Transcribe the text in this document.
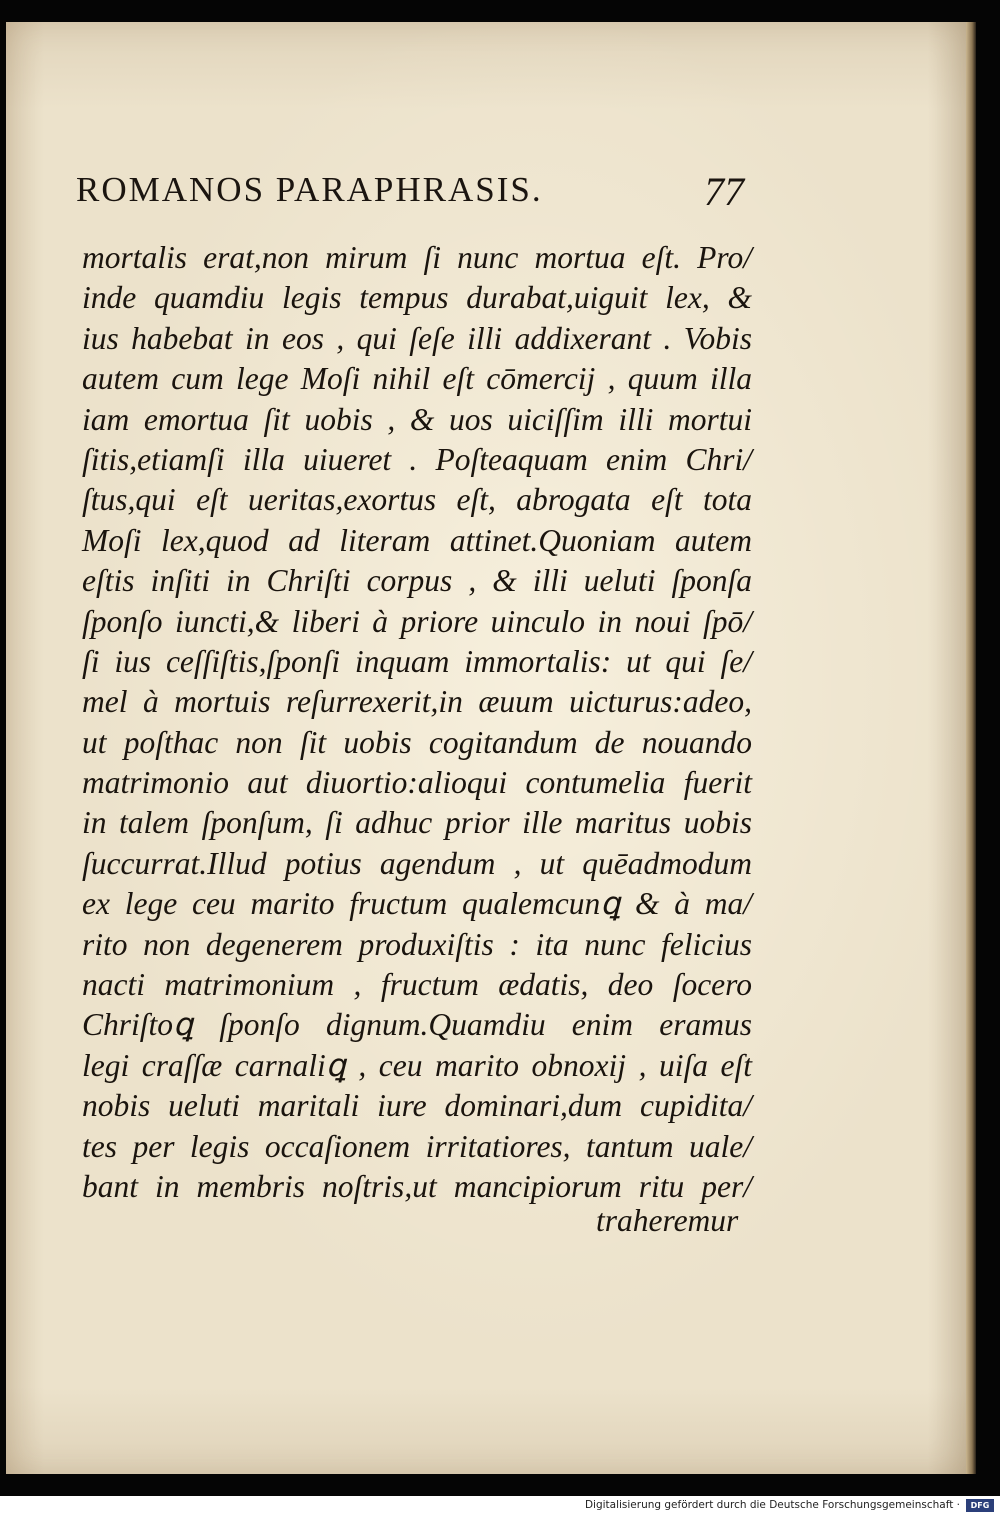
ROMANOS PARAPHRASIS.	77
mortalis erat,non mirum ſi nunc mortua eſt. Pro/
inde quamdiu legis tempus durabat,uiguit lex, &
ius habebat in eos , qui ſeſe illi addixerant . Vobis
autem cum lege Moſi nihil eſt cōmercij , quum illa
iam emortua ſit uobis , & uos uiciſſim illi mortui
ſitis,etiamſi illa uiueret . Poſteaquam enim Chri/
ſtus,qui eſt ueritas,exortus eſt, abrogata eſt tota
Moſi lex,quod ad literam attinet.Quoniam autem
eſtis inſiti in Chriſti corpus , & illi ueluti ſponſa
ſponſo iuncti,& liberi à priore uinculo in noui ſpō/
ſi ius ceſſiſtis,ſponſi inquam immortalis: ut qui ſe/
mel à mortuis reſurrexerit,in æuum uicturus:adeo,
ut poſthac non ſit uobis cogitandum de nouando
matrimonio aut diuortio:alioqui contumelia fuerit
in talem ſponſum, ſi adhuc prior ille maritus uobis
ſuccurrat.Illud potius agendum , ut quēadmodum
ex lege ceu marito fructum qualemcunꝗ & à ma/
rito non degenerem produxiſtis : ita nunc felicius
nacti matrimonium , fructum ædatis, deo ſocero
Chriſtoꝗ ſponſo dignum.Quamdiu enim eramus
legi craſſæ carnaliꝗ , ceu marito obnoxij , uiſa eſt
nobis ueluti maritali iure dominari,dum cupidita/
tes per legis occaſionem irritatiores, tantum uale/
bant in membris noſtris,ut mancipiorum ritu per/
traheremur
Digitalisierung gefördert durch die Deutsche Forschungsgemeinschaft ·	DFG
